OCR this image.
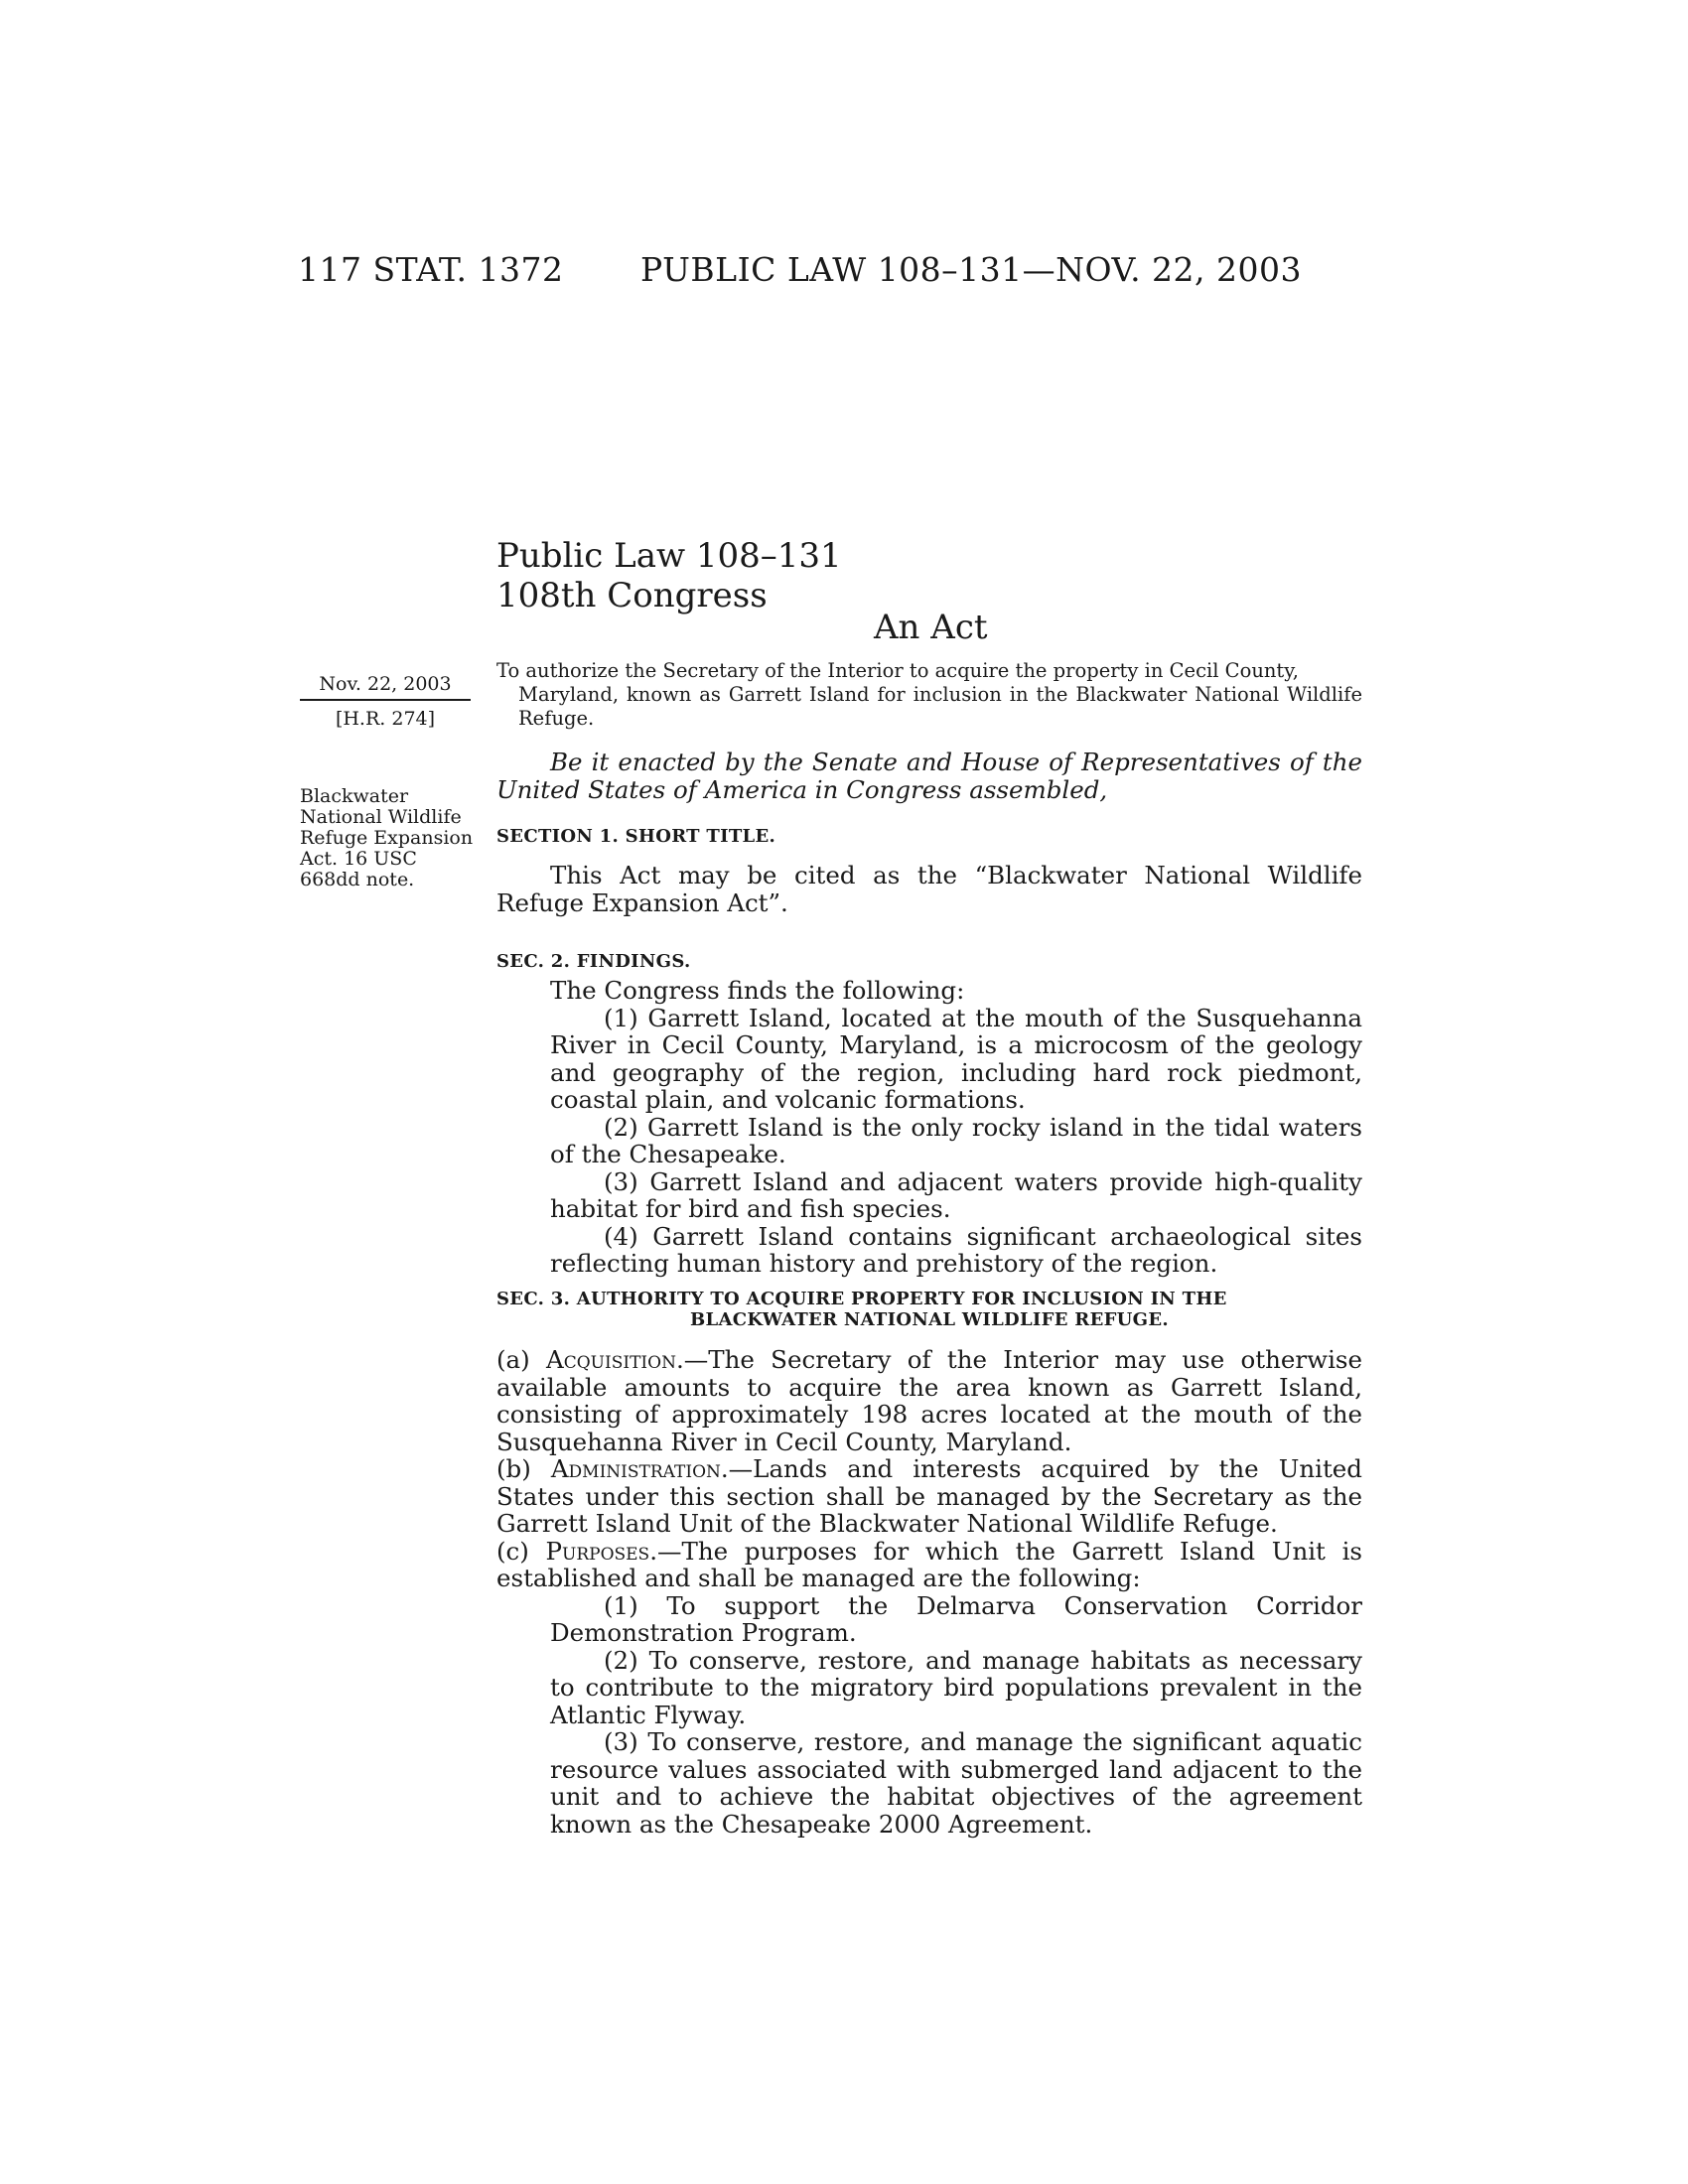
117 STAT. 1372 PUBLIC LAW 108–131—NOV. 22, 2003
Public Law 108–131
108th Congress
An Act
Nov. 22, 2003
[H.R. 274]
Blackwater National Wildlife Refuge Expansion Act. 16 USC 668dd note.
To authorize the Secretary of the Interior to acquire the property in Cecil County,
Maryland, known as Garrett Island for inclusion in the Blackwater National Wildlife Refuge.
Be it enacted by the Senate and House of Representatives of the United States of America in Congress assembled,
SECTION 1. SHORT TITLE.
This Act may be cited as the “Blackwater National Wildlife Refuge Expansion Act”.
SEC. 2. FINDINGS.

The Congress finds the following:

(1) Garrett Island, located at the mouth of the Susquehanna River in Cecil County, Maryland, is a microcosm of the geology and geography of the region, including hard rock piedmont, coastal plain, and volcanic formations.

(2) Garrett Island is the only rocky island in the tidal waters of the Chesapeake.

(3) Garrett Island and adjacent waters provide high-quality habitat for bird and fish species.

(4) Garrett Island contains significant archaeological sites reflecting human history and prehistory of the region.

SEC. 3. AUTHORITY TO ACQUIRE PROPERTY FOR INCLUSION IN THE
BLACKWATER NATIONAL WILDLIFE REFUGE.

(a) Acquisition.—The Secretary of the Interior may use otherwise available amounts to acquire the area known as Garrett Island, consisting of approximately 198 acres located at the mouth of the Susquehanna River in Cecil County, Maryland.

(b) Administration.—Lands and interests acquired by the United States under this section shall be managed by the Secretary as the Garrett Island Unit of the Blackwater National Wildlife Refuge.

(c) Purposes.—The purposes for which the Garrett Island Unit is established and shall be managed are the following:

(1) To support the Delmarva Conservation Corridor Demonstration Program.

(2) To conserve, restore, and manage habitats as necessary to contribute to the migratory bird populations prevalent in the Atlantic Flyway.

(3) To conserve, restore, and manage the significant aquatic resource values associated with submerged land adjacent to the unit and to achieve the habitat objectives of the agreement known as the Chesapeake 2000 Agreement.
